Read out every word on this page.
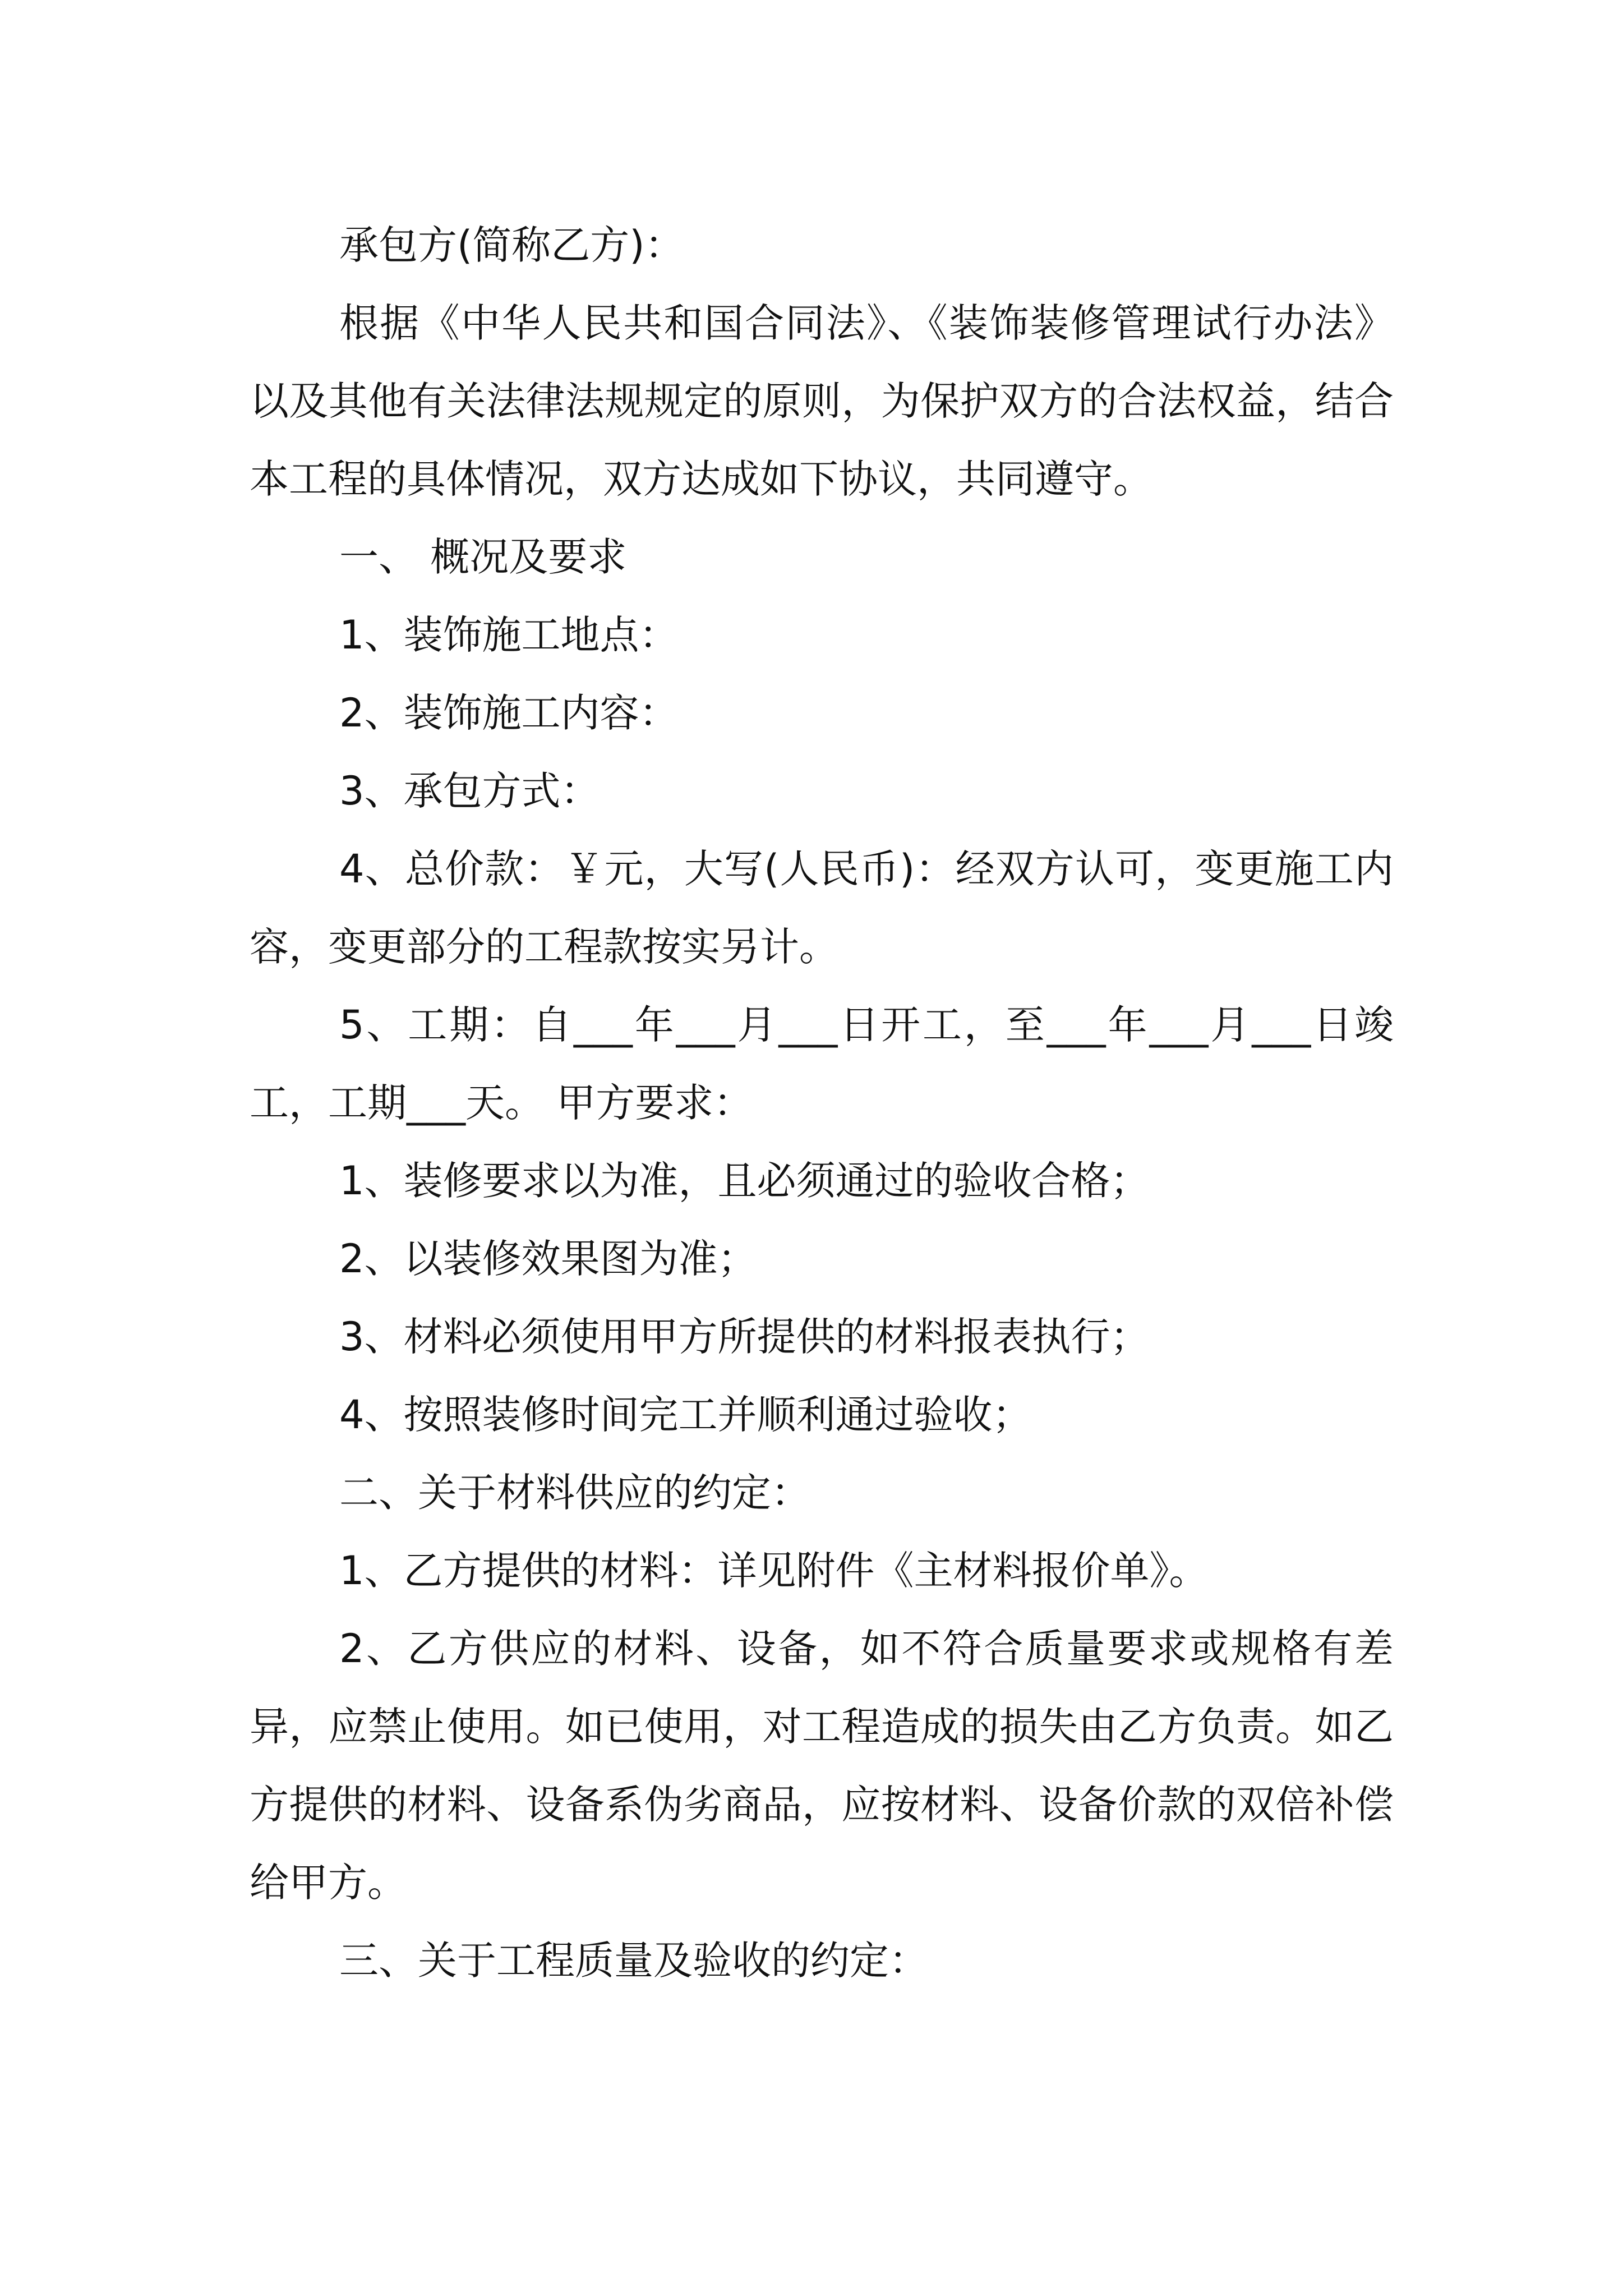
承包方(简称乙方)：

根据《中华人民共和国合同法》、《装饰装修管理试行办法》以及其他有关法律法规规定的原则，为保护双方的合法权益，结合本工程的具体情况，双方达成如下协议，共同遵守。

一、 概况及要求

1、装饰施工地点：

2、装饰施工内容：

3、承包方式：

4、总价款：￥元，大写(人民币)：经双方认可，变更施工内容，变更部分的工程款按实另计。

5、工期：自___年___月___日开工，至___年___月___日竣工，工期___天。 甲方要求：

1、装修要求以为准，且必须通过的验收合格；

2、以装修效果图为准；

3、材料必须使用甲方所提供的材料报表执行；

4、按照装修时间完工并顺利通过验收；

二、关于材料供应的约定：

1、乙方提供的材料：详见附件《主材料报价单》。

2、乙方供应的材料、设备，如不符合质量要求或规格有差异，应禁止使用。如已使用，对工程造成的损失由乙方负责。如乙方提供的材料、设备系伪劣商品，应按材料、设备价款的双倍补偿给甲方。

三、关于工程质量及验收的约定：
